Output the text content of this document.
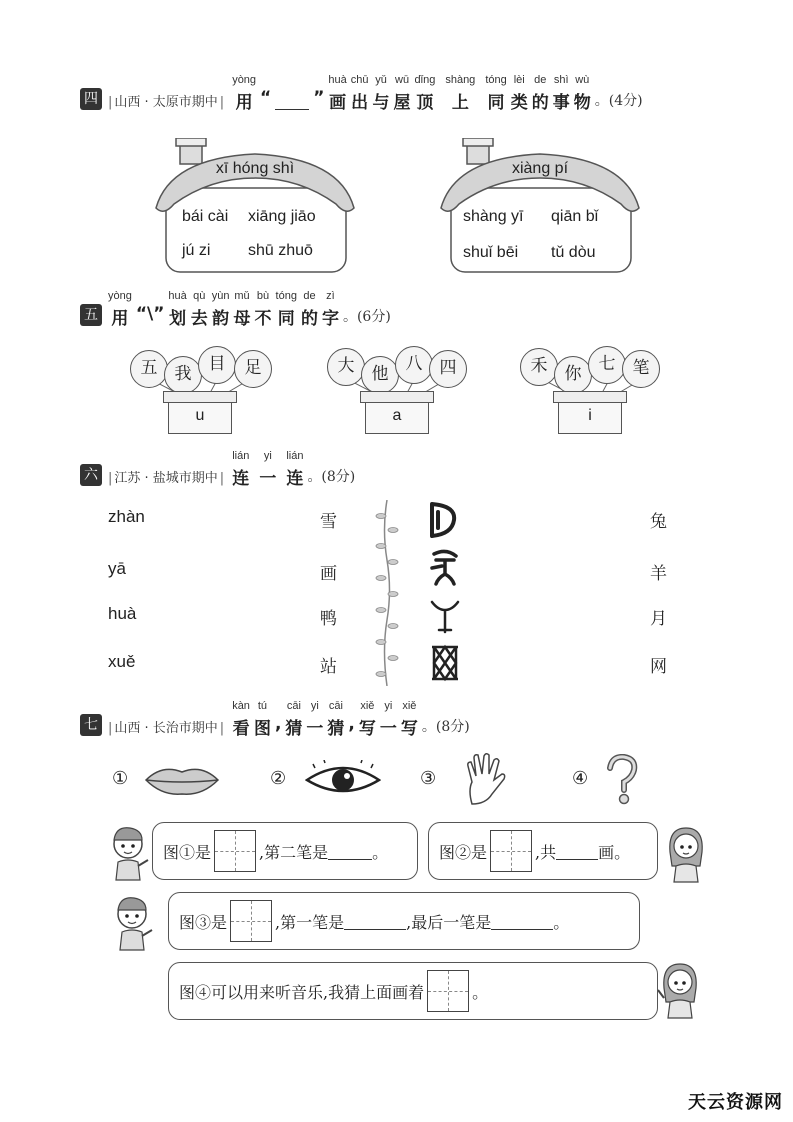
四	| 山西 · 太原市期中 |
yòng
用 “ ”
huà
画
chū
出
yǔ
与
wū
屋
dǐng
顶
shàng
上
tóng
同
lèi
类
de
的
shì
事
wù
物 。(4分)
xī hóng shì
bái cài xiāng jiāo
jú zi shū zhuō
xiàng pí
shàng yī qiān bǐ
shuǐ bēi tǔ dòu
五
yòng
用 “\”
huà
划
qù
去
yùn
韵
mǔ
母
bù
不
tóng
同
de
的
zì
字 。(6分)
五	我	目	足
u
大	他	八	四
a
禾	你	七	笔
i
六	| 江苏 · 盐城市期中 |
lián
连
yi
一
lián
连 。(8分)
zhàn
yā
huà
xuě
雪
画
鸭
站
兔
羊
月
网
七	| 山西 · 长治市期中 |
kàn
看
tú
图 ,
cāi
猜
yi
一
cāi
猜 ,
xiě
写
yi
一
xiě
写 。(8分)
①	②	③	④
图①是	,第二笔是	。	图②是	,共	画。
图③是	,第一笔是	,最后一笔是	。
图④可以用来听音乐,我猜上面画着	。
天云资源网
